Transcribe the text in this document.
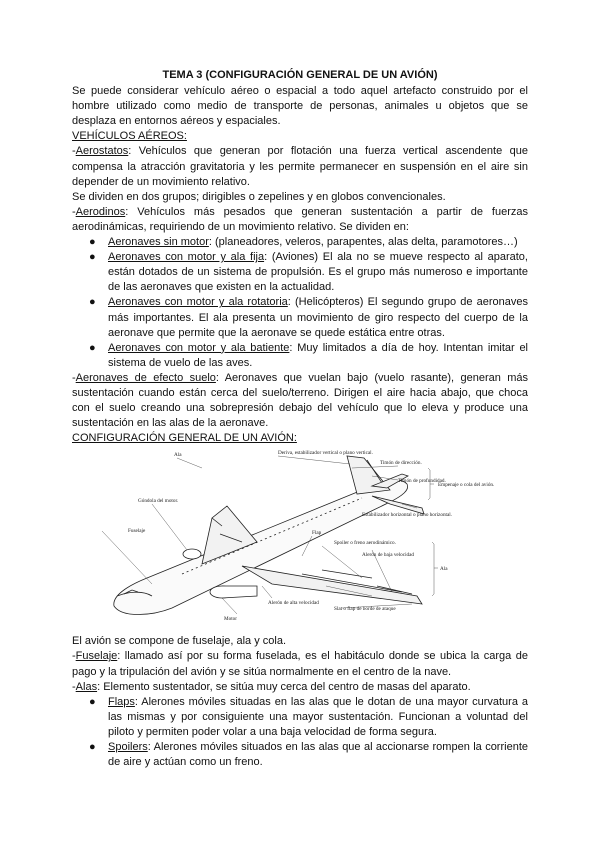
TEMA 3 (CONFIGURACIÓN GENERAL DE UN AVIÓN)

Se puede considerar vehículo aéreo o espacial a todo aquel artefacto construido por el hombre utilizado como medio de transporte de personas, animales u objetos que se desplaza en entornos aéreos y espaciales.

VEHÍCULOS AÉREOS:

-Aerostatos: Vehículos que generan por flotación una fuerza vertical ascendente que compensa la atracción gravitatoria y les permite permanecer en suspensión en el aire sin depender de un movimiento relativo.

Se dividen en dos grupos; dirigibles o zepelines y en globos convencionales.

-Aerodinos: Vehículos más pesados que generan sustentación a partir de fuerzas aerodinámicas, requiriendo de un movimiento relativo. Se dividen en:

● Aeronaves sin motor: (planeadores, veleros, parapentes, alas delta, paramotores…)
● Aeronaves con motor y ala fija: (Aviones) El ala no se mueve respecto al aparato, están dotados de un sistema de propulsión. Es el grupo más numeroso e importante de las aeronaves que existen en la actualidad.
● Aeronaves con motor y ala rotatoria: (Helicópteros) El segundo grupo de aeronaves más importantes. El ala presenta un movimiento de giro respecto del cuerpo de la aeronave que permite que la aeronave se quede estática entre otras.
● Aeronaves con motor y ala batiente: Muy limitados a día de hoy. Intentan imitar el sistema de vuelo de las aves.

-Aeronaves de efecto suelo: Aeronaves que vuelan bajo (vuelo rasante), generan más sustentación cuando están cerca del suelo/terreno. Dirigen el aire hacia abajo, que choca con el suelo creando una sobrepresión debajo del vehículo que lo eleva y produce una sustentación en las alas de la aeronave.

CONFIGURACIÓN GENERAL DE UN AVIÓN:

Deriva, estabilizador vertical o plano vertical.
Timón de dirección.
Empenaje o cola del avión.
Timón de profundidad.
Estabilizador horizontal o plano horizontal.
Ala
Góndola del motor.
Fuselaje	Flap
Spoiler o freno aerodinámico.
Alerón de baja velocidad
Ala
Alerón de alta velocidad
Slat o flap de borde de ataque
Motor

El avión se compone de fuselaje, ala y cola.

-Fuselaje: llamado así por su forma fuselada, es el habitáculo donde se ubica la carga de pago y la tripulación del avión y se sitúa normalmente en el centro de la nave.

-Alas: Elemento sustentador, se sitúa muy cerca del centro de masas del aparato.

● Flaps: Alerones móviles situadas en las alas que le dotan de una mayor curvatura a las mismas y por consiguiente una mayor sustentación. Funcionan a voluntad del piloto y permiten poder volar a una baja velocidad de forma segura.
● Spoilers: Alerones móviles situados en las alas que al accionarse rompen la corriente de aire y actúan como un freno.
